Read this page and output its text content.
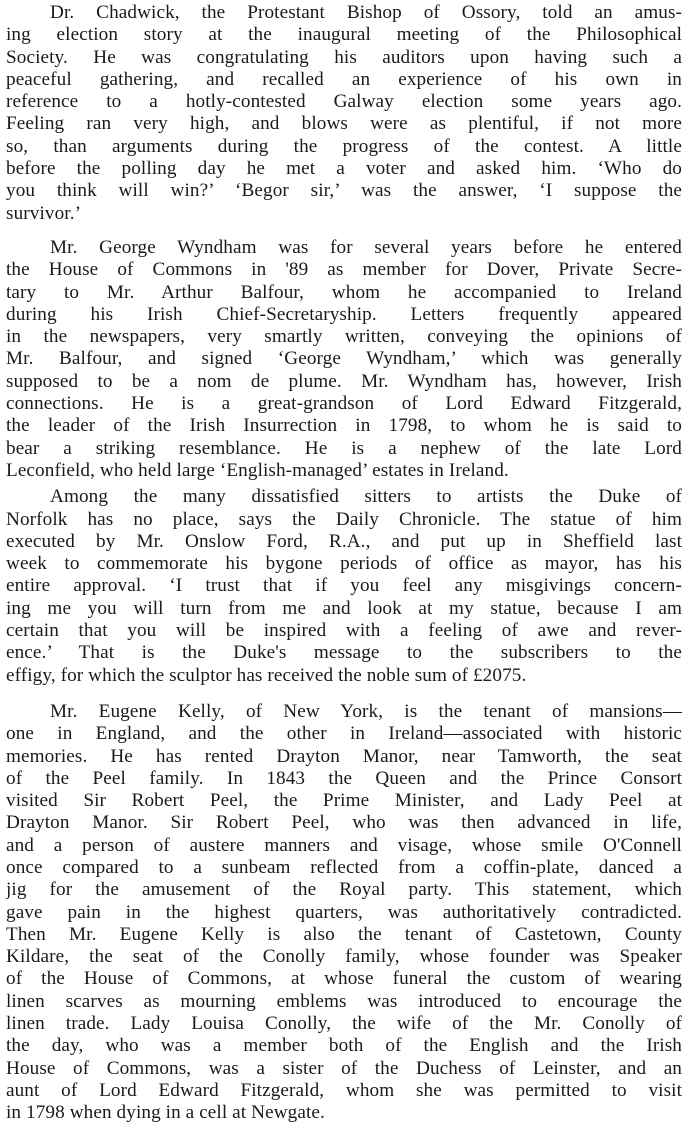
Dr. Chadwick, the Protestant Bishop of Ossory, told an amus-
ing election story at the inaugural meeting of the Philosophical
Society. He was congratulating his auditors upon having such a
peaceful gathering, and recalled an experience of his own in
reference to a hotly-contested Galway election some years ago.
Feeling ran very high, and blows were as plentiful, if not more
so, than arguments during the progress of the contest. A little
before the polling day he met a voter and asked him. ‘Who do
you think will win?’ ‘Begor sir,’ was the answer, ‘I suppose the
survivor.’

Mr. George Wyndham was for several years before he entered
the House of Commons in '89 as member for Dover, Private Secre-
tary to Mr. Arthur Balfour, whom he accompanied to Ireland
during his Irish Chief-Secretaryship. Letters frequently appeared
in the newspapers, very smartly written, conveying the opinions of
Mr. Balfour, and signed ‘George Wyndham,’ which was generally
supposed to be a nom de plume. Mr. Wyndham has, however, Irish
connections. He is a great-grandson of Lord Edward Fitzgerald,
the leader of the Irish Insurrection in 1798, to whom he is said to
bear a striking resemblance. He is a nephew of the late Lord
Leconfield, who held large ‘English-managed’ estates in Ireland.

Among the many dissatisfied sitters to artists the Duke of
Norfolk has no place, says the Daily Chronicle. The statue of him
executed by Mr. Onslow Ford, R.A., and put up in Sheffield last
week to commemorate his bygone periods of office as mayor, has his
entire approval. ‘I trust that if you feel any misgivings concern-
ing me you will turn from me and look at my statue, because I am
certain that you will be inspired with a feeling of awe and rever-
ence.’ That is the Duke's message to the subscribers to the
effigy, for which the sculptor has received the noble sum of £2075.

Mr. Eugene Kelly, of New York, is the tenant of mansions—
one in England, and the other in Ireland—associated with historic
memories. He has rented Drayton Manor, near Tamworth, the seat
of the Peel family. In 1843 the Queen and the Prince Consort
visited Sir Robert Peel, the Prime Minister, and Lady Peel at
Drayton Manor. Sir Robert Peel, who was then advanced in life,
and a person of austere manners and visage, whose smile O'Connell
once compared to a sunbeam reflected from a coffin-plate, danced a
jig for the amusement of the Royal party. This statement, which
gave pain in the highest quarters, was authoritatively contradicted.
Then Mr. Eugene Kelly is also the tenant of Castetown, County
Kildare, the seat of the Conolly family, whose founder was Speaker
of the House of Commons, at whose funeral the custom of wearing
linen scarves as mourning emblems was introduced to encourage the
linen trade. Lady Louisa Conolly, the wife of the Mr. Conolly of
the day, who was a member both of the English and the Irish
House of Commons, was a sister of the Duchess of Leinster, and an
aunt of Lord Edward Fitzgerald, whom she was permitted to visit
in 1798 when dying in a cell at Newgate.
